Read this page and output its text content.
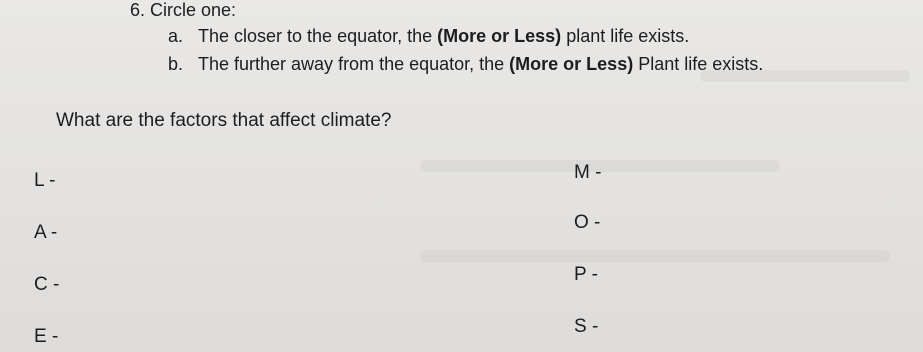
6. Circle one:
a. The closer to the equator, the (More or Less) plant life exists.
b. The further away from the equator, the (More or Less) Plant life exists.
What are the factors that affect climate?
L -
A -
C -
E -
M -
O -
P -
S -
